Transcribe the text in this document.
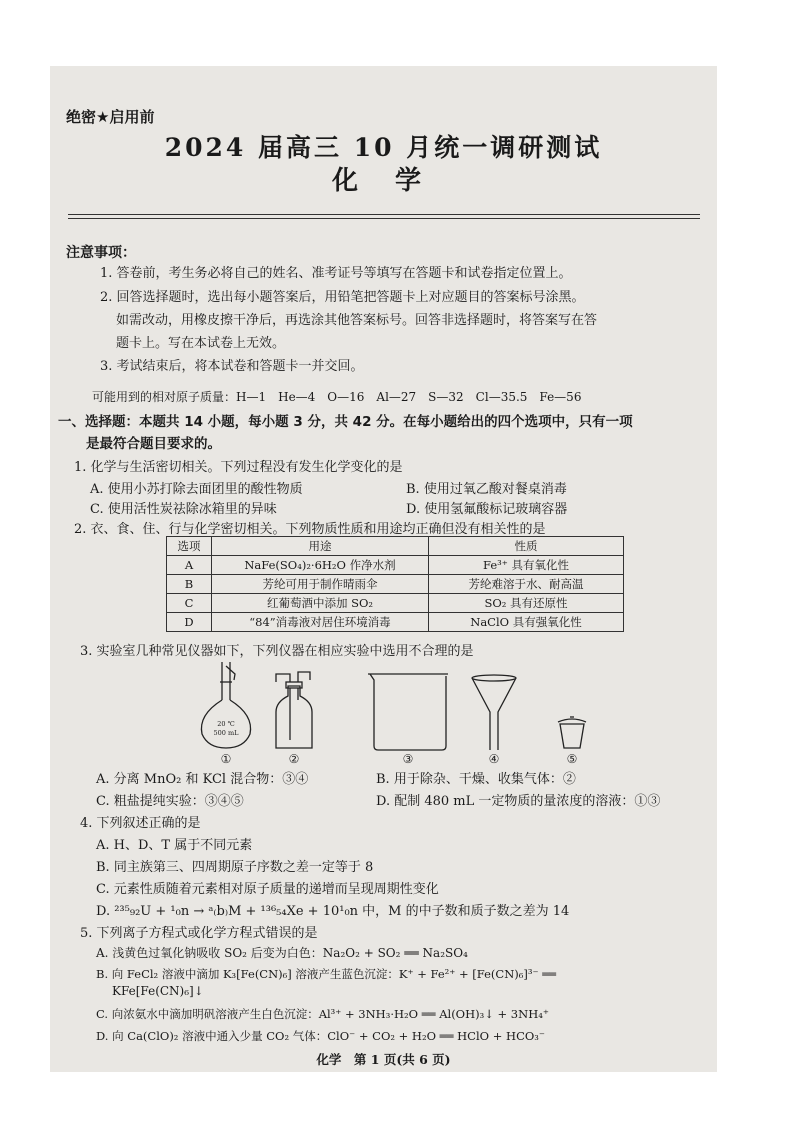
绝密★启用前
2024 届高三 10 月统一调研测试
化 学
注意事项：
1. 答卷前，考生务必将自己的姓名、准考证号等填写在答题卡和试卷指定位置上。
2. 回答选择题时，选出每小题答案后，用铅笔把答题卡上对应题目的答案标号涂黑。
如需改动，用橡皮擦干净后，再选涂其他答案标号。回答非选择题时，将答案写在答
题卡上。写在本试卷上无效。
3. 考试结束后，将本试卷和答题卡一并交回。
可能用到的相对原子质量：H—1　He—4　O—16　Al—27　S—32　Cl—35.5　Fe—56
一、选择题：本题共 14 小题，每小题 3 分，共 42 分。在每小题给出的四个选项中，只有一项
是最符合题目要求的。
1. 化学与生活密切相关。下列过程没有发生化学变化的是
A. 使用小苏打除去面团里的酸性物质	B. 使用过氧乙酸对餐桌消毒
C. 使用活性炭祛除冰箱里的异味	D. 使用氢氟酸标记玻璃容器
2. 衣、食、住、行与化学密切相关。下列物质性质和用途均正确但没有相关性的是
选项	用途	性质
A	NaFe(SO₄)₂·6H₂O 作净水剂	Fe³⁺ 具有氧化性
B	芳纶可用于制作晴雨伞	芳纶难溶于水、耐高温
C	红葡萄酒中添加 SO₂	SO₂ 具有还原性
D	“84”消毒液对居住环境消毒	NaClO 具有强氧化性
3. 实验室几种常见仪器如下，下列仪器在相应实验中选用不合理的是
20 ℃
500 mL
①	②	③	④	⑤
A. 分离 MnO₂ 和 KCl 混合物：③④	B. 用于除杂、干燥、收集气体：②
C. 粗盐提纯实验：③④⑤	D. 配制 480 mL 一定物质的量浓度的溶液：①③
4. 下列叙述正确的是
A. H、D、T 属于不同元素
B. 同主族第三、四周期原子序数之差一定等于 8
C. 元素性质随着元素相对原子质量的递增而呈现周期性变化
D. ²³⁵₉₂U + ¹₀n → ᵃ₍b₎M + ¹³⁶₅₄Xe + 10¹₀n 中，M 的中子数和质子数之差为 14
5. 下列离子方程式或化学方程式错误的是
A. 浅黄色过氧化钠吸收 SO₂ 后变为白色：Na₂O₂ + SO₂ ══ Na₂SO₄
B. 向 FeCl₂ 溶液中滴加 K₃[Fe(CN)₆] 溶液产生蓝色沉淀：K⁺ + Fe²⁺ + [Fe(CN)₆]³⁻ ══
KFe[Fe(CN)₆]↓
C. 向浓氨水中滴加明矾溶液产生白色沉淀：Al³⁺ + 3NH₃·H₂O ══ Al(OH)₃↓ + 3NH₄⁺
D. 向 Ca(ClO)₂ 溶液中通入少量 CO₂ 气体：ClO⁻ + CO₂ + H₂O ══ HClO + HCO₃⁻
化学　第 1 页(共 6 页)
